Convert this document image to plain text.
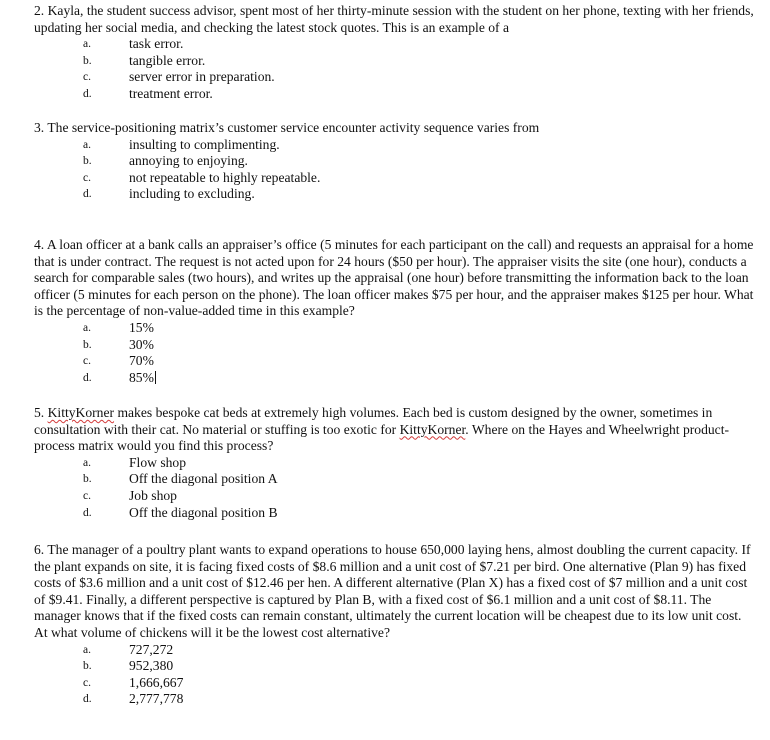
2. Kayla, the student success advisor, spent most of her thirty-minute session with the student on her phone, texting with her friends, updating her social media, and checking the latest stock quotes. This is an example of a

a.	task error.
b.	tangible error.
c.	server error in preparation.
d.	treatment error.

3. The service-positioning matrix’s customer service encounter activity sequence varies from

a.	insulting to complimenting.
b.	annoying to enjoying.
c.	not repeatable to highly repeatable.
d.	including to excluding.

4. A loan officer at a bank calls an appraiser’s office (5 minutes for each participant on the call) and requests an appraisal for a home that is under contract. The request is not acted upon for 24 hours ($50 per hour). The appraiser visits the site (one hour), conducts a search for comparable sales (two hours), and writes up the appraisal (one hour) before transmitting the information back to the loan officer (5 minutes for each person on the phone). The loan officer makes $75 per hour, and the appraiser makes $125 per hour. What is the percentage of non-value-added time in this example?

a.	15%
b.	30%
c.	70%
d.	85%

5. KittyKorner makes bespoke cat beds at extremely high volumes. Each bed is custom designed by the owner, sometimes in consultation with their cat. No material or stuffing is too exotic for KittyKorner. Where on the Hayes and Wheelwright product-process matrix would you find this process?

a.	Flow shop
b.	Off the diagonal position A
c.	Job shop
d.	Off the diagonal position B

6. The manager of a poultry plant wants to expand operations to house 650,000 laying hens, almost doubling the current capacity. If the plant expands on site, it is facing fixed costs of $8.6 million and a unit cost of $7.21 per bird. One alternative (Plan 9) has fixed costs of $3.6 million and a unit cost of $12.46 per hen. A different alternative (Plan X) has a fixed cost of $7 million and a unit cost of $9.41. Finally, a different perspective is captured by Plan B, with a fixed cost of $6.1 million and a unit cost of $8.11. The manager knows that if the fixed costs can remain constant, ultimately the current location will be cheapest due to its low unit cost. At what volume of chickens will it be the lowest cost alternative?

a.	727,272
b.	952,380
c.	1,666,667
d.	2,777,778
